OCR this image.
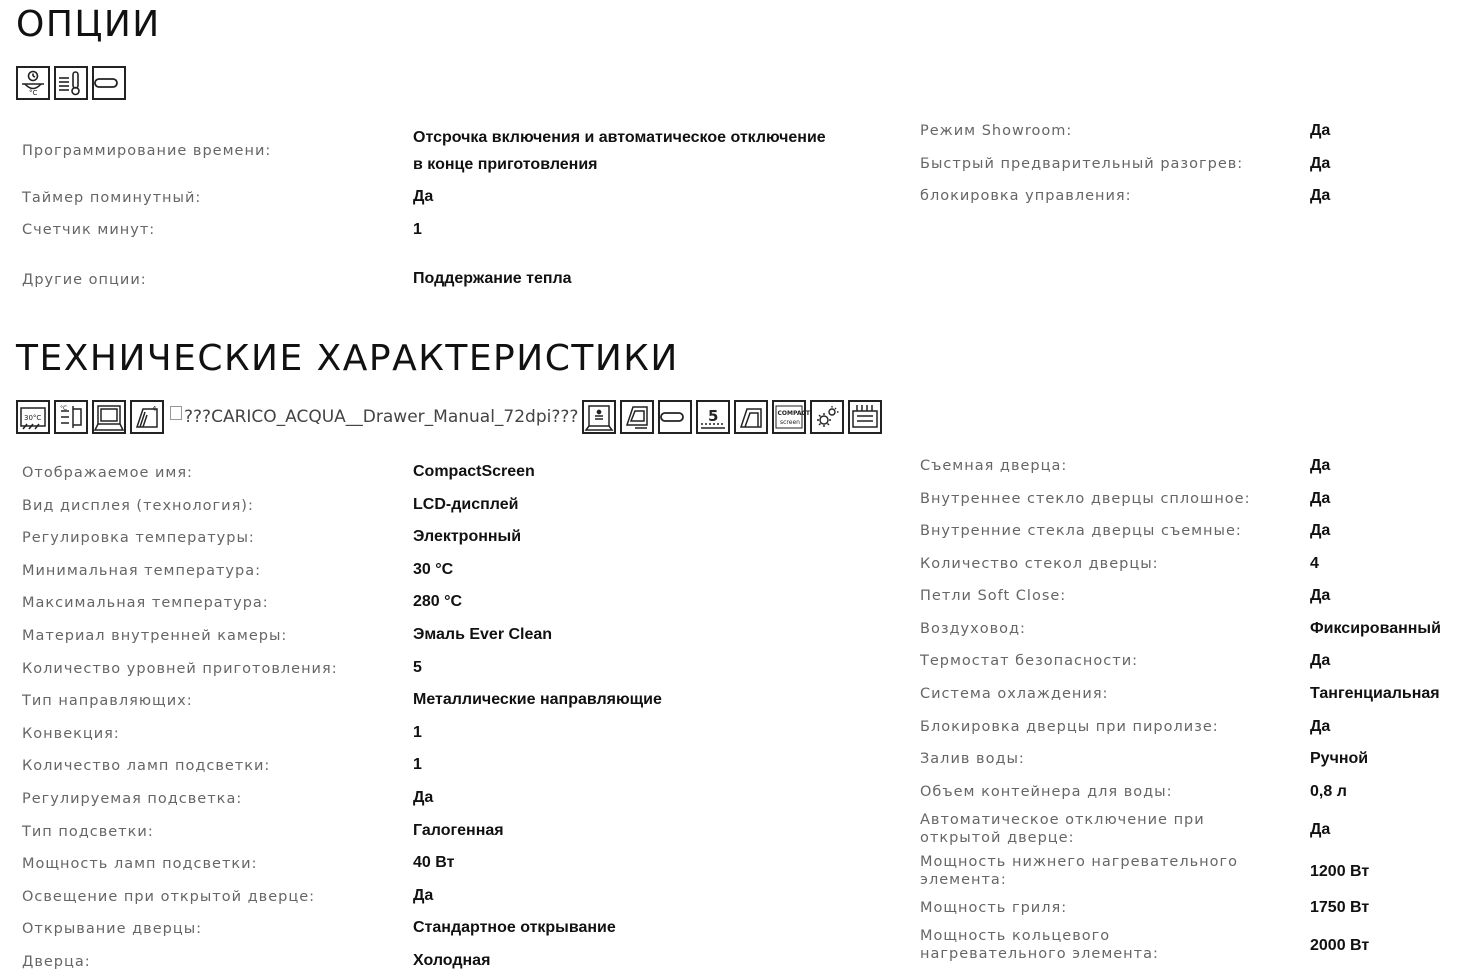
ОПЦИИ
°C
Программирование времени:
Отсрочка включения и автоматическое отключение
в конце приготовления
Таймер поминутный:	Да
Счетчик минут:	1
Другие опции:	Поддержание тепла
Режим Showroom:	Да
Быстрый предварительный разогрев:	Да
блокировка управления:	Да
ТЕХНИЧЕСКИЕ ХАРАКТЕРИСТИКИ
30°C
°C	4 ???CARICO_ACQUA__Drawer_Manual_72dpi???	5	COMPACT
screen
Отображаемое имя:	CompactScreen
Вид дисплея (технология):	LCD-дисплей
Регулировка температуры:	Электронный
Минимальная температура:	30 °C
Максимальная температура:	280 °C
Материал внутренней камеры:	Эмаль Ever Clean
Количество уровней приготовления:	5
Тип направляющих:	Металлические направляющие
Конвекция:	1
Количество ламп подсветки:	1
Регулируемая подсветка:	Да
Тип подсветки:	Галогенная
Мощность ламп подсветки:	40 Вт
Освещение при открытой дверце:	Да
Открывание дверцы:	Стандартное открывание
Дверца:	Холодная
Съемная дверца:	Да
Внутреннее стекло дверцы сплошное:	Да
Внутренние стекла дверцы съемные:	Да
Количество стекол дверцы:	4
Петли Soft Close:	Да
Воздуховод:	Фиксированный
Термостат безопасности:	Да
Система охлаждения:	Тангенциальная
Блокировка дверцы при пиролизе:	Да
Залив воды:	Ручной
Объем контейнера для воды:	0,8 л
Автоматическое отключение при открытой дверце:	Да
Мощность нижнего нагревательного элемента:	1200 Вт
Мощность гриля:	1750 Вт
Мощность кольцевого нагревательного элемента:	2000 Вт
